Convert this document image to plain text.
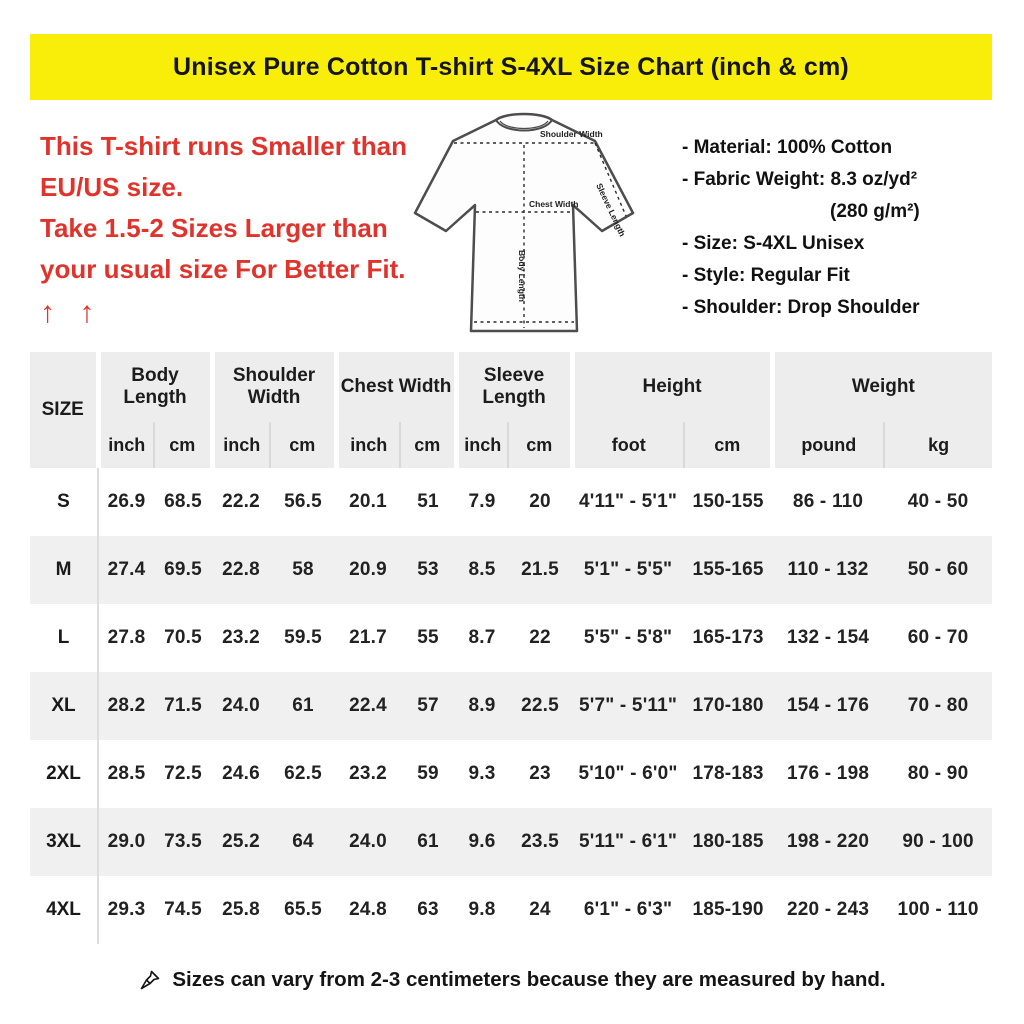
Unisex Pure Cotton T-shirt S-4XL Size Chart (inch & cm)
This T-shirt runs Smaller than
EU/US size.
Take 1.5-2 Sizes Larger than
your usual size For Better Fit.
↑ ↑
Shoulder Width
Chest Width
Body Length
Sleeve Length
- Material: 100% Cotton
- Fabric Weight: 8.3 oz/yd²
(280 g/m²)
- Size: S-4XL Unisex
- Style: Regular Fit
- Shoulder: Drop Shoulder
SIZE	Body Length		Shoulder Width		Chest Width		Sleeve Length		Height		Weight	
	inch	cm	inch	cm	inch	cm	inch	cm	foot	cm	pound	kg
S	26.9	68.5	22.2	56.5	20.1	51	7.9	20	4'11" - 5'1"	150-155	86 - 110	40 - 50
M	27.4	69.5	22.8	58	20.9	53	8.5	21.5	5'1" - 5'5"	155-165	110 - 132	50 - 60
L	27.8	70.5	23.2	59.5	21.7	55	8.7	22	5'5" - 5'8"	165-173	132 - 154	60 - 70
XL	28.2	71.5	24.0	61	22.4	57	8.9	22.5	5'7" - 5'11"	170-180	154 - 176	70 - 80
2XL	28.5	72.5	24.6	62.5	23.2	59	9.3	23	5'10" - 6'0"	178-183	176 - 198	80 - 90
3XL	29.0	73.5	25.2	64	24.0	61	9.6	23.5	5'11" - 6'1"	180-185	198 - 220	90 - 100
4XL	29.3	74.5	25.8	65.5	24.8	63	9.8	24	6'1" - 6'3"	185-190	220 - 243	100 - 110
Sizes can vary from 2-3 centimeters because they are measured by hand.
